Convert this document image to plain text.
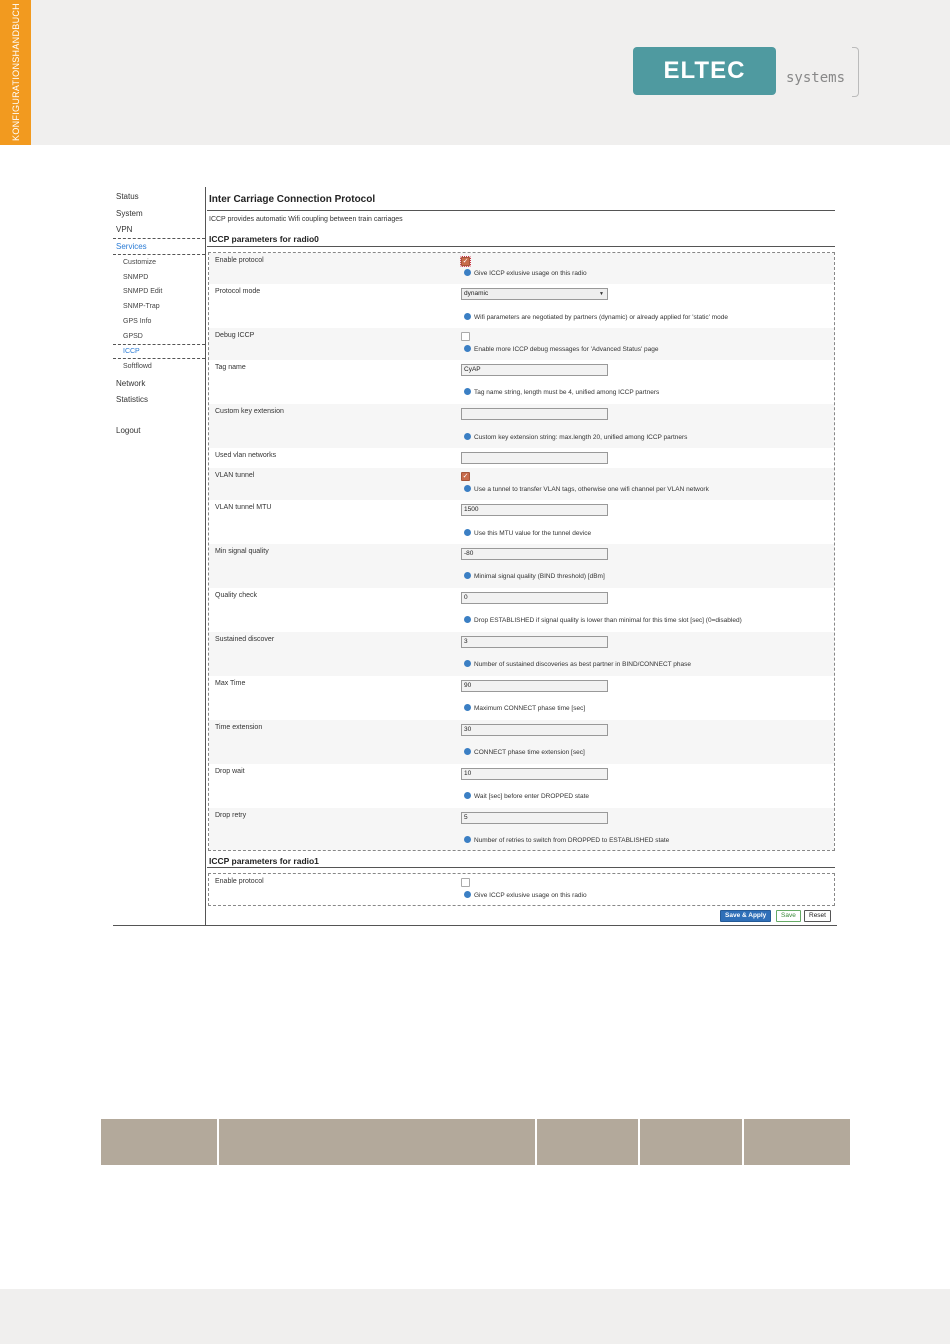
KONFIGURATIONSHANDBUCH	ELTEC	systems
Status
System
VPN
Services
Customize
SNMPD
SNMPD Edit
SNMP-Trap
GPS Info
GPSD
ICCP
Softflowd
Network
Statistics
Logout
Inter Carriage Connection Protocol
ICCP provides automatic Wifi coupling between train carriages
ICCP parameters for radio0
Enable protocol	✓
Give ICCP exlusive usage on this radio
Protocol mode	dynamic	▼
Wifi parameters are negotiated by partners (dynamic) or already applied for 'static' mode
Debug ICCP
Enable more ICCP debug messages for 'Advanced Status' page
Tag name	CyAP
Tag name string, length must be 4, unified among ICCP partners
Custom key extension
Custom key extension string: max.length 20, unified among ICCP partners
Used vlan networks
VLAN tunnel	✓
Use a tunnel to transfer VLAN tags, otherwise one wifi channel per VLAN network
VLAN tunnel MTU	1500
Use this MTU value for the tunnel device
Min signal quality	-80
Minimal signal quality (BIND threshold) [dBm]
Quality check	0
Drop ESTABLISHED if signal quality is lower than minimal for this time slot [sec] (0=disabled)
Sustained discover	3
Number of sustained discoveries as best partner in BIND/CONNECT phase
Max Time	90
Maximum CONNECT phase time [sec]
Time extension	30
CONNECT phase time extension [sec]
Drop wait	10
Wait [sec] before enter DROPPED state
Drop retry	5
Number of retries to switch from DROPPED to ESTABLISHED state
ICCP parameters for radio1
Enable protocol
Give ICCP exlusive usage on this radio
Save & Apply	Save	Reset
